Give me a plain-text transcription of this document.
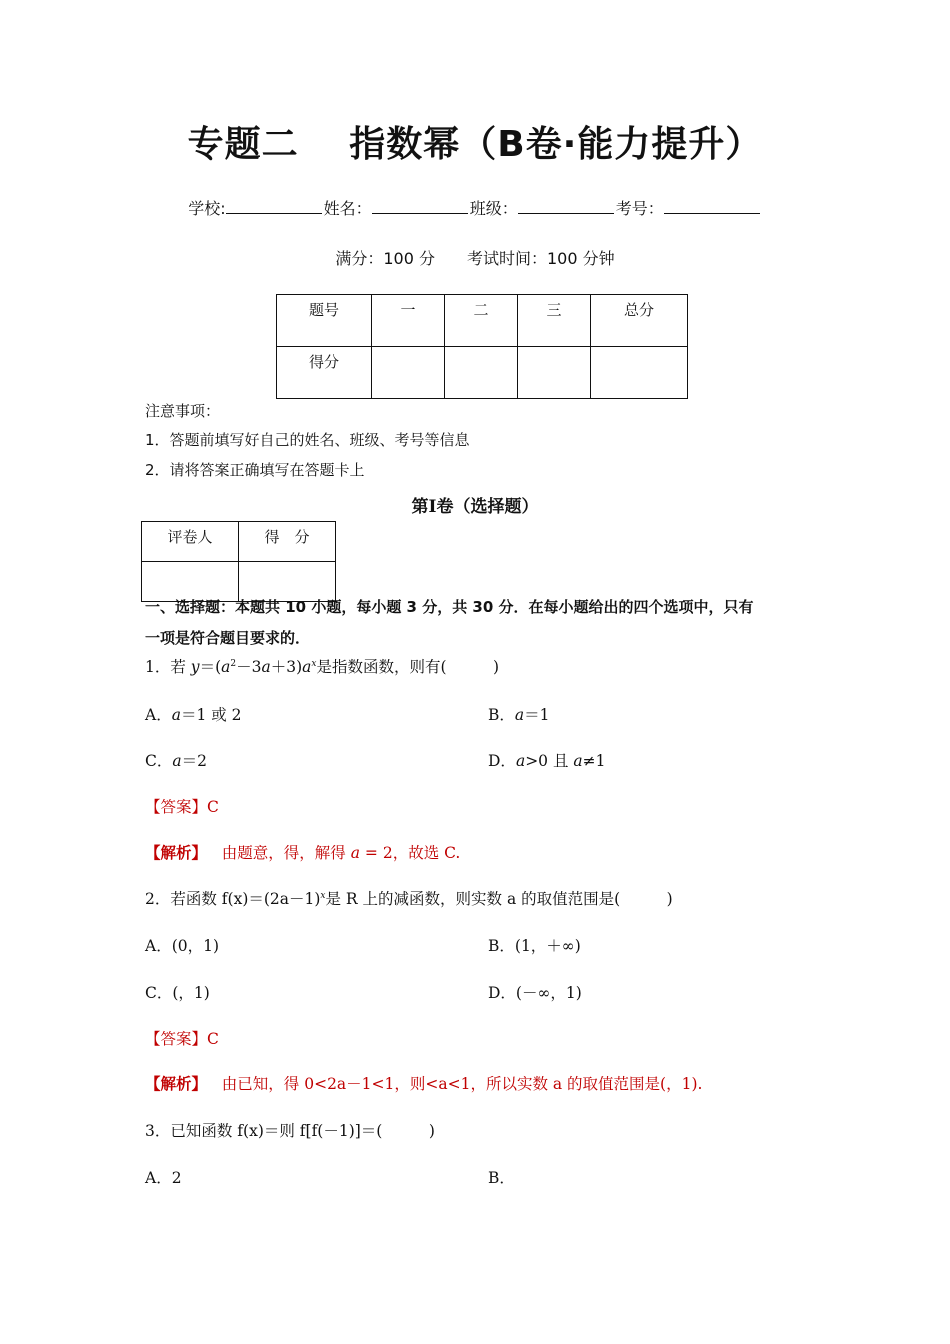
专题二　 指数幂（B卷·能力提升）
学校:	姓名：	班级：	考号：
满分：100 分　　考试时间：100 分钟
题号	一	二	三	总分
得分				
注意事项：
1．答题前填写好自己的姓名、班级、考号等信息
2．请将答案正确填写在答题卡上
第Ⅰ卷（选择题）
评卷人	得　分

一、选择题：本题共 10 小题，每小题 3 分，共 30 分．在每小题给出的四个选项中，只有
一项是符合题目要求的．
1．若 $y=(a^2-3a+3)a^x$是指数函数，则有(　　　)
A．a＝1 或 2	B．a＝1
C．a＝2	D．a>0 且 a≠1
【答案】C
【解析】 由题意，得，解得 a = 2，故选 C.
2．若函数 $f(x)=(2a-1)^x$是 R 上的减函数，则实数 a 的取值范围是(　　　)
A．(0，1)	B．(1，＋∞)
C．(，1)	D．(－∞，1)
【答案】C
【解析】 由已知，得 0<2a－1<1，则<a<1，所以实数 a 的取值范围是(，1).
3．已知函数 f(x)＝则 f[f(－1)]＝(　　　)
A．2	B．
